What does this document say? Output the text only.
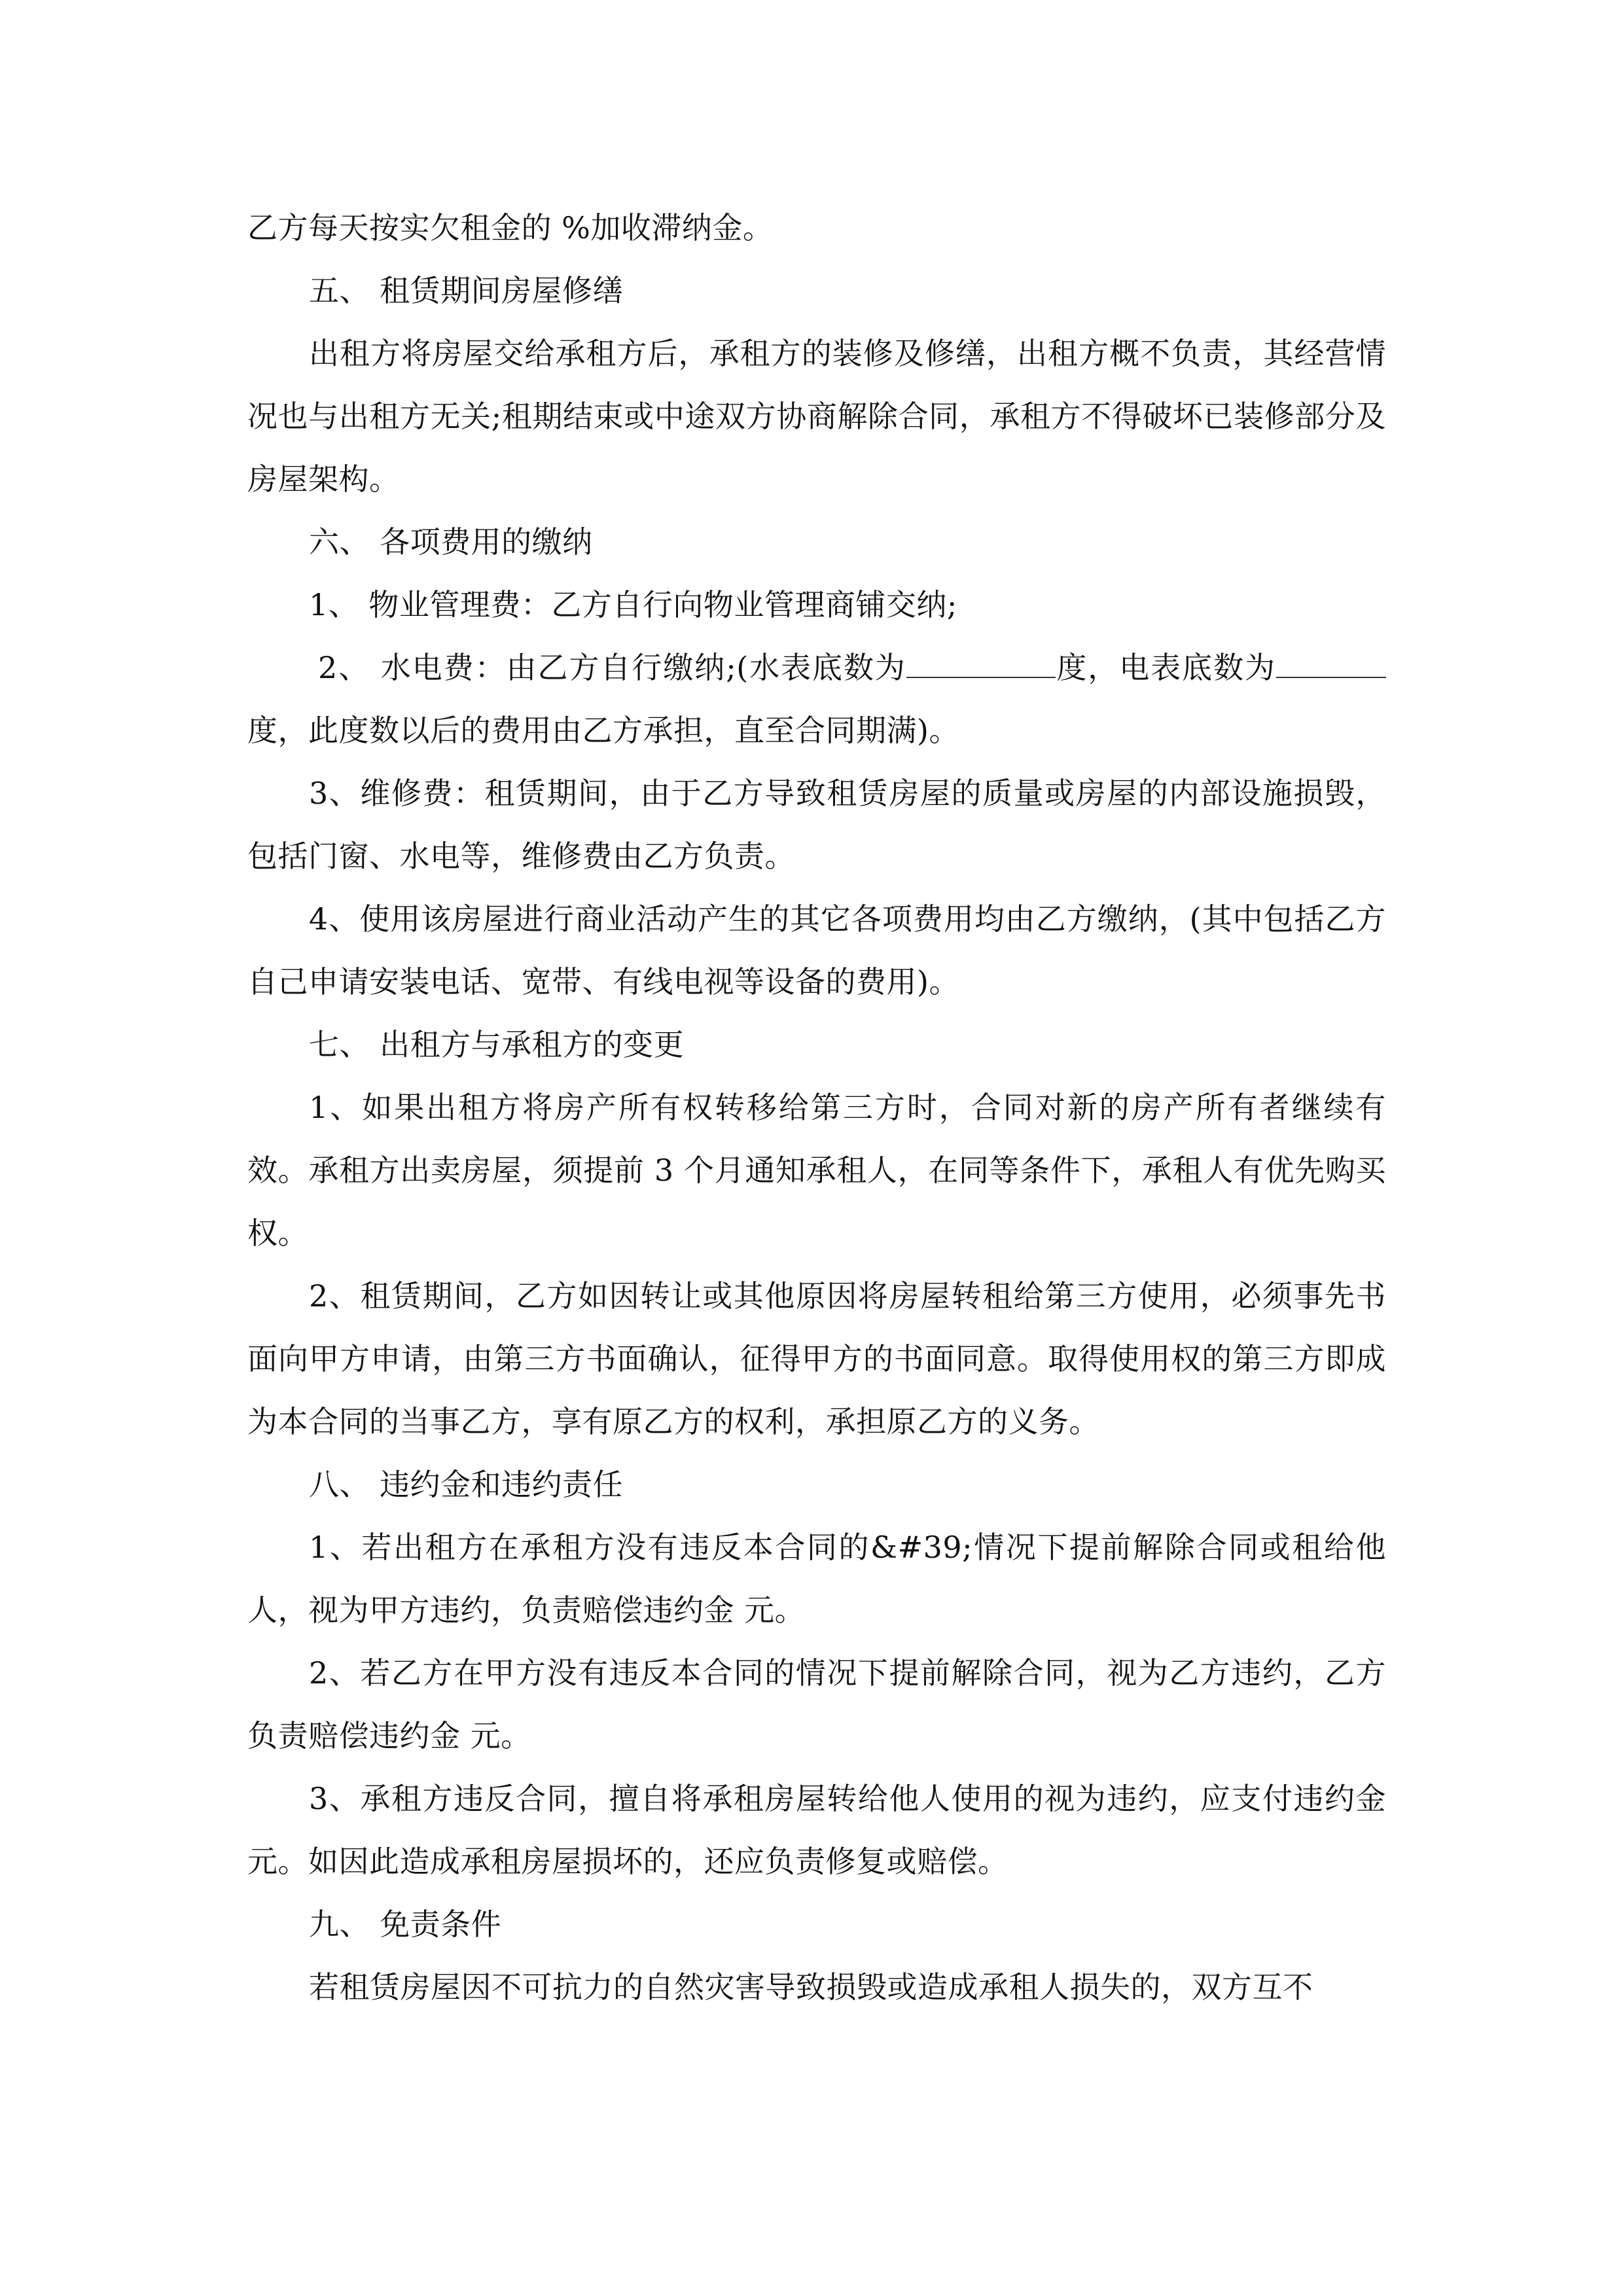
乙方每天按实欠租金的 %加收滞纳金。

五、 租赁期间房屋修缮

出租方将房屋交给承租方后，承租方的装修及修缮，出租方概不负责，其经营情况也与出租方无关;租期结束或中途双方协商解除合同，承租方不得破坏已装修部分及房屋架构。

六、 各项费用的缴纳

1、 物业管理费：乙方自行向物业管理商铺交纳;

2、 水电费：由乙方自行缴纳;(水表底数为	度，电表底数为度，此度数以后的费用由乙方承担，直至合同期满)。

3、维修费：租赁期间，由于乙方导致租赁房屋的质量或房屋的内部设施损毁，包括门窗、水电等，维修费由乙方负责。

4、使用该房屋进行商业活动产生的其它各项费用均由乙方缴纳，(其中包括乙方自己申请安装电话、宽带、有线电视等设备的费用)。

七、 出租方与承租方的变更

1、如果出租方将房产所有权转移给第三方时，合同对新的房产所有者继续有效。承租方出卖房屋，须提前 3 个月通知承租人，在同等条件下，承租人有优先购买权。

2、租赁期间，乙方如因转让或其他原因将房屋转租给第三方使用，必须事先书面向甲方申请，由第三方书面确认，征得甲方的书面同意。取得使用权的第三方即成为本合同的当事乙方，享有原乙方的权利，承担原乙方的义务。

八、 违约金和违约责任

1、若出租方在承租方没有违反本合同的&#39;情况下提前解除合同或租给他人，视为甲方违约，负责赔偿违约金 元。

2、若乙方在甲方没有违反本合同的情况下提前解除合同，视为乙方违约，乙方负责赔偿违约金 元。

3、承租方违反合同，擅自将承租房屋转给他人使用的视为违约，应支付违约金 元。如因此造成承租房屋损坏的，还应负责修复或赔偿。

九、 免责条件

若租赁房屋因不可抗力的自然灾害导致损毁或造成承租人损失的，双方互不
